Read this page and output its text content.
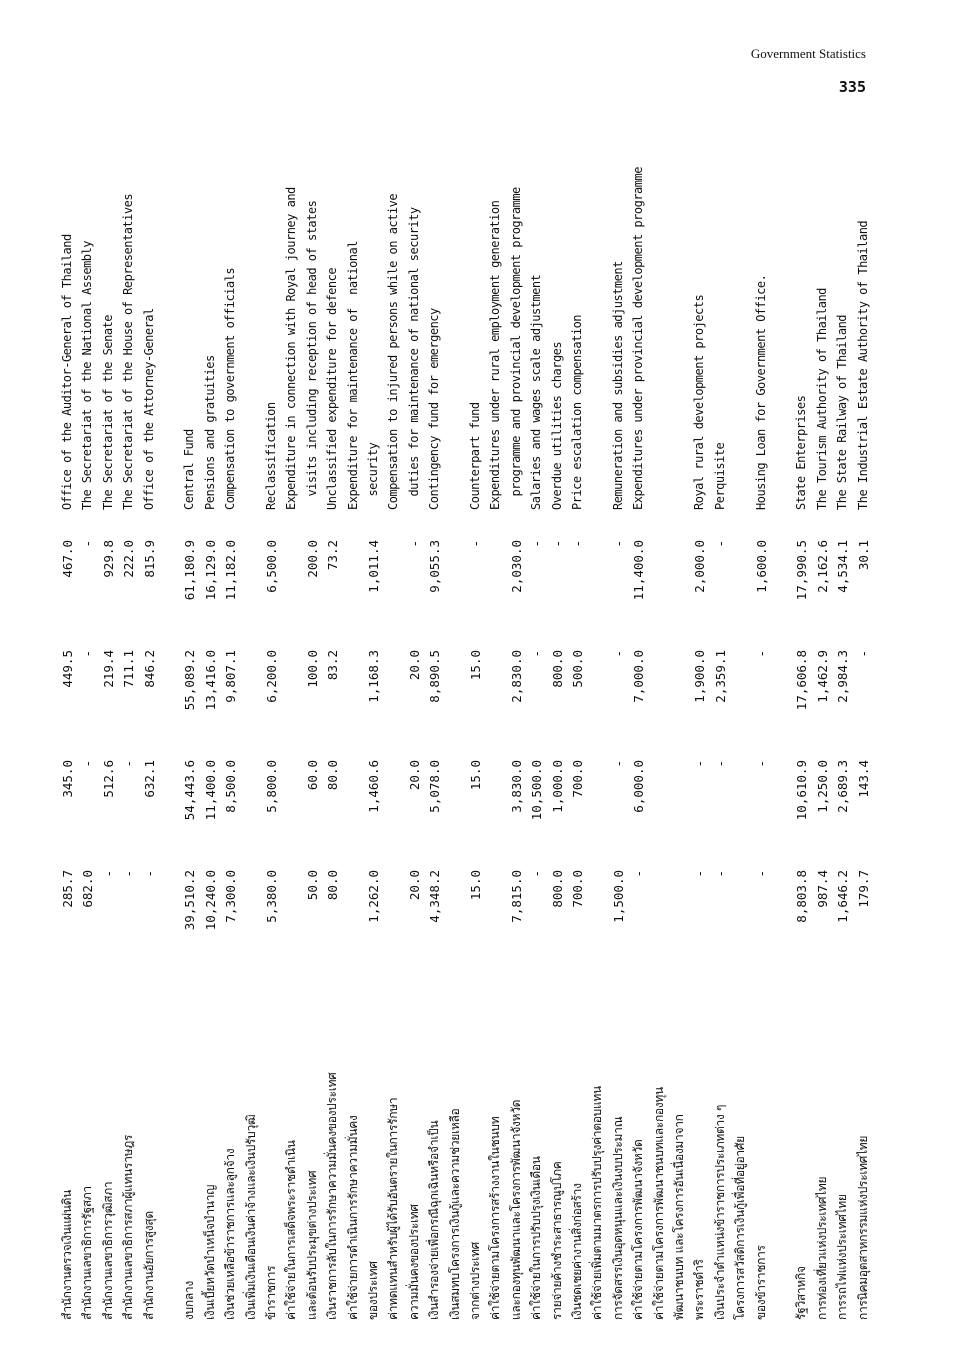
Government Statistics
335
สำนักงานตรวจเงินแผ่นดิน
285.7
345.0
449.5
467.0
Office of the Auditor-General of Thailand
สำนักงานเลขาธิการรัฐสภา
682.0
-
-
-
The Secretariat of the National Assembly
สำนักงานเลขาธิการวุฒิสภา
-
512.6
219.4
929.8
The Secretariat of the Senate
สำนักงานเลขาธิการสภาผู้แทนราษฎร
-
-
711.1
222.0
The Secretariat of the House of Representatives
สำนักงานอัยการสูงสุด
-
632.1
846.2
815.9
Office of the Attorney-General
งบกลาง
39,510.2
54,443.6
55,089.2
61,180.9
Central Fund
เงินเบี้ยหวัดบำเหน็จบำนาญ
10,240.0
11,400.0
13,416.0
16,129.0
Pensions and gratuities
เงินช่วยเหลือข้าราชการและลูกจ้าง
7,300.0
8,500.0
9,807.1
11,182.0
Compensation to government officials
เงินเพิ่มเงินเดือนเงินค่าจ้างและเงินปรับวุฒิ ข้าราชการ
5,380.0
5,800.0
6,200.0
6,500.0
Reclassification
ค่าใช้จ่ายในการเสด็จพระราชดำเนิน
Expenditure in connection with Royal journey and
และต้อนรับประมุขต่างประเทศ
50.0
60.0
100.0
200.0
visits including reception of head of states
เงินราชการลับในการรักษาความมั่นคงของประเทศ
80.0
80.0
83.2
73.2
Unclassified expenditure for defence
ค่าใช้จ่ายการดำเนินการรักษาความมั่นคง
Expenditure for maintenance of  national
ของประเทศ
1,262.0
1,460.6
1,168.3
1,011.4
security
ค่าทดแทนสำหรับผู้ได้รับอันตรายในการรักษา
Compensation to injured persons while on active
ความมั่นคงของประเทศ
20.0
20.0
20.0
-
duties for maintenance of national security
เงินสำรองจ่ายเพื่อกรณีฉุกเฉินหรือจำเป็น
4,348.2
5,078.0
8,890.5
9,055.3
Contingency fund for emergency
เงินสมทบโครงการเงินกู้และความช่วยเหลือ จากต่างประเทศ
15.0
15.0
15.0
-
Counterpart fund
ค่าใช้จ่ายตามโครงการสร้างงานในชนบท
Expenditures under rural employment generation
และกองทุนพัฒนาและโครงการพัฒนาจังหวัด
7,815.0
3,830.0
2,830.0
2,030.0
programme and provincial development programme
ค่าใช้จ่ายในการปรับปรุงเงินเดือน
-
10,500.0
-
-
Salaries and wages scale adjustment
รายจ่ายค้างชำระสาธารณูปโภค
800.0
1,000.0
800.0
-
Overdue utilities charges
เงินชดเชยค่างานสิ่งก่อสร้าง
700.0
700.0
500.0
-
Price escalation compensation
ค่าใช้จ่ายเพิ่มตามมาตรการปรับปรุงค่าตอบแทน การจัดสรรเงินอุดหนุนและเงินงบประมาณ
1,500.0
-
-
-
Remuneration and subsidies adjustment
ค่าใช้จ่ายตามโครงการพัฒนาจังหวัด
-
6,000.0
7,000.0
11,400.0
Expenditures under provincial development programme
ค่าใช้จ่ายตามโครงการพัฒนาชนบทและกองทุน พัฒนาชนบท และโครงการอันเนื่องมาจาก พระราชดำริ
-
-
1,900.0
2,000.0
Royal rural development projects
เงินประจำตำแหน่งข้าราชการประเภทต่าง ๆ
-
-
2,359.1
-
Perquisite
โครงการสวัสดิการเงินกู้เพื่อที่อยู่อาศัย ของข้าราชการ
-
-
-
1,600.0
Housing Loan for Government Office.
รัฐวิสาหกิจ
8,803.8
10,610.9
17,606.8
17,990.5
State Enterprises
การท่องเที่ยวแห่งประเทศไทย
987.4
1,250.0
1,462.9
2,162.6
The Tourism Authority of Thailand
การรถไฟแห่งประเทศไทย
1,646.2
2,689.3
2,984.3
4,534.1
The State Railway of Thailand
การนิคมอุตสาหกรรมแห่งประเทศไทย
179.7
143.4
-
30.1
The Industrial Estate Authority of Thailand
